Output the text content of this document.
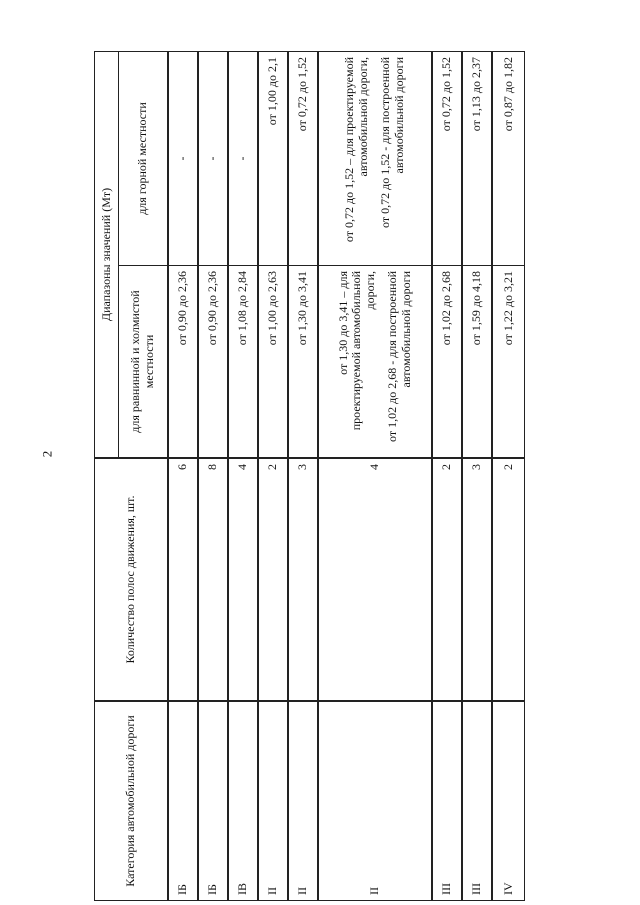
2
Категория автомобильной дороги
Количество полос движения, шт.
Диапазоны значений (Мт)
для равнинной и холмистой местности
для горной местности
IБ
6
от 0,90 до 2,36
-
IБ
8
от 0,90 до 2,36
-
IВ
4
от 1,08 до 2,84
-
II
2
от 1,00 до 2,63
от 1,00 до 2,1
II
3
от 1,30 до 3,41
от 0,72 до 1,52
II
4
от 1,30 до 3,41 – для проектируемой автомобильной дороги, от 1,02 до 2,68 - для построенной автомобильной дороги
от 0,72 до 1,52 – для проектируемой автомобильной дороги, от 0,72 до 1,52 - для построенной автомобильной дороги
III
2
от 1,02 до 2,68
от 0,72 до 1,52
III
3
от 1,59 до 4,18
от 1,13 до 2,37
IV
2
от 1,22 до 3,21
от 0,87 до 1,82
